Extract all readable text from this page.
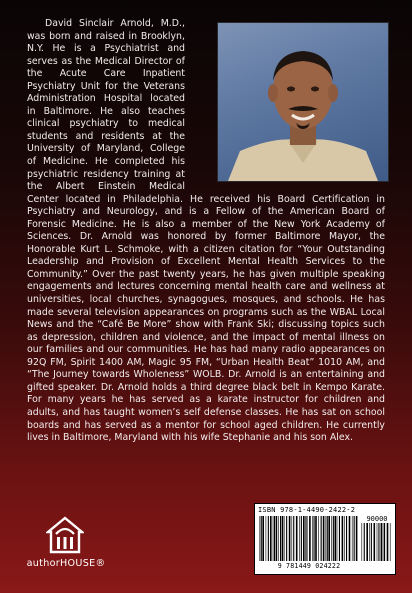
David Sinclair Arnold, M.D., was born and raised in Brooklyn, N.Y. He is a Psychiatrist and serves as the Medical Director of the Acute Care Inpatient Psychiatry Unit for the Veterans Administration Hospital located in Baltimore. He also teaches clinical psychiatry to medical students and residents at the University of Maryland, College of Medicine. He completed his psychiatric residency training at the Albert Einstein Medical Center located in Philadelphia. He received his Board Certification in Psychiatry and Neurology, and is a Fellow of the American Board of Forensic Medicine. He is also a member of the New York Academy of Sciences. Dr. Arnold was honored by former Baltimore Mayor, the Honorable Kurt L. Schmoke, with a citizen citation for “Your Outstanding Leadership and Provision of Excellent Mental Health Services to the Community.” Over the past twenty years, he has given multiple speaking engagements and lectures concerning mental health care and wellness at universities, local churches, synagogues, mosques, and schools. He has made several television appearances on programs such as the WBAL Local News and the “Café Be More” show with Frank Ski; discussing topics such as depression, children and violence, and the impact of mental illness on our families and our communities. He has had many radio appearances on 92Q FM, Spirit 1400 AM, Magic 95 FM, “Urban Health Beat” 1010 AM, and “The Journey towards Wholeness” WOLB. Dr. Arnold is an entertaining and gifted speaker. Dr. Arnold holds a third degree black belt in Kempo Karate. For many years he has served as a karate instructor for children and adults, and has taught women’s self defense classes. He has sat on school boards and has served as a mentor for school aged children. He currently lives in Baltimore, Maryland with his wife Stephanie and his son Alex.

ISBN 978-1-4490-2422-2
90000
9 781449 024222
authorHOUSE®
